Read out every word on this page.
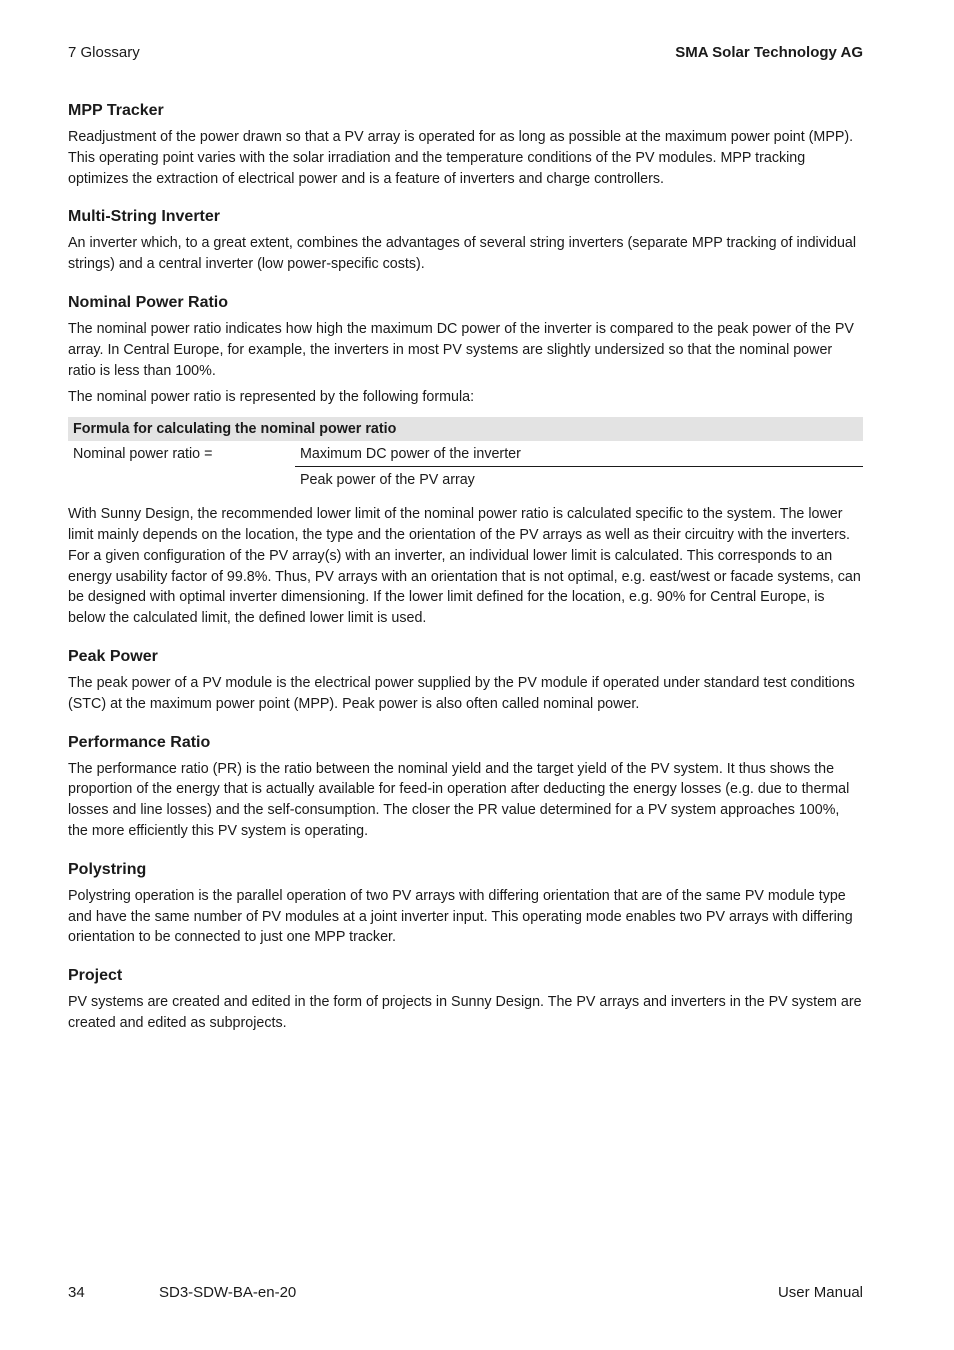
7 Glossary	SMA Solar Technology AG
MPP Tracker

Readjustment of the power drawn so that a PV array is operated for as long as possible at the maximum power point (MPP). This operating point varies with the solar irradiation and the temperature conditions of the PV modules. MPP tracking optimizes the extraction of electrical power and is a feature of inverters and charge controllers.

Multi-String Inverter

An inverter which, to a great extent, combines the advantages of several string inverters (separate MPP tracking of individual strings) and a central inverter (low power-specific costs).

Nominal Power Ratio

The nominal power ratio indicates how high the maximum DC power of the inverter is compared to the peak power of the PV array. In Central Europe, for example, the inverters in most PV systems are slightly undersized so that the nominal power ratio is less than 100%.

The nominal power ratio is represented by the following formula:

Formula for calculating the nominal power ratio	
Nominal power ratio =	Maximum DC power of the inverter
	Peak power of the PV array

With Sunny Design, the recommended lower limit of the nominal power ratio is calculated specific to the system. The lower limit mainly depends on the location, the type and the orientation of the PV arrays as well as their circuitry with the inverters. For a given configuration of the PV array(s) with an inverter, an individual lower limit is calculated. This corresponds to an energy usability factor of 99.8%. Thus, PV arrays with an orientation that is not optimal, e.g. east/west or facade systems, can be designed with optimal inverter dimensioning. If the lower limit defined for the location, e.g. 90% for Central Europe, is below the calculated limit, the defined lower limit is used.

Peak Power

The peak power of a PV module is the electrical power supplied by the PV module if operated under standard test conditions (STC) at the maximum power point (MPP). Peak power is also often called nominal power.

Performance Ratio

The performance ratio (PR) is the ratio between the nominal yield and the target yield of the PV system. It thus shows the proportion of the energy that is actually available for feed-in operation after deducting the energy losses (e.g. due to thermal losses and line losses) and the self-consumption. The closer the PR value determined for a PV system approaches 100%, the more efficiently this PV system is operating.

Polystring

Polystring operation is the parallel operation of two PV arrays with differing orientation that are of the same PV module type and have the same number of PV modules at a joint inverter input. This operating mode enables two PV arrays with differing orientation to be connected to just one MPP tracker.

Project

PV systems are created and edited in the form of projects in Sunny Design. The PV arrays and inverters in the PV system are created and edited as subprojects.

34	SD3-SDW-BA-en-20	User Manual
